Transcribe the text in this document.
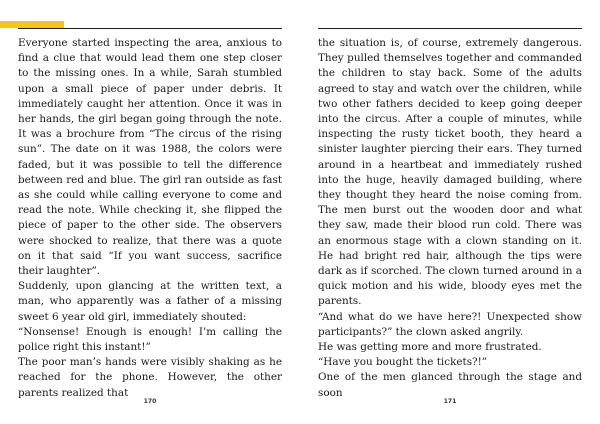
Everyone started inspecting the area, anxious to find a clue that would lead them one step closer to the missing ones. In a while, Sarah stumbled upon a small piece of paper under debris. It immediately caught her attention. Once it was in her hands, the girl began going through the note. It was a brochure from “The circus of the rising sun”. The date on it was 1988, the colors were faded, but it was possible to tell the difference between red and blue. The girl ran outside as fast as she could while calling everyone to come and read the note. While checking it, she flipped the piece of paper to the other side. The observers were shocked to realize, that there was a quote on it that said “If you want success, sacrifice their laughter”.

Suddenly, upon glancing at the written text, a man, who apparently was a father of a missing sweet 6 year old girl, immediately shouted:

“Nonsense! Enough is enough! I’m calling the police right this instant!”

The poor man’s hands were visibly shaking as he reached for the phone. However, the other parents realized that

170

the situation is, of course, extremely dangerous. They pulled themselves together and commanded the children to stay back. Some of the adults agreed to stay and watch over the children, while two other fathers decided to keep going deeper into the circus. After a couple of minutes, while inspecting the rusty ticket booth, they heard a sinister laughter piercing their ears. They turned around in a heartbeat and immediately rushed into the huge, heavily damaged building, where they thought they heard the noise coming from. The men burst out the wooden door and what they saw, made their blood run cold. There was an enormous stage with a clown standing on it. He had bright red hair, although the tips were dark as if scorched. The clown turned around in a quick motion and his wide, bloody eyes met the parents.

“And what do we have here?! Unexpected show participants?” the clown asked angrily.

He was getting more and more frustrated.

“Have you bought the tickets?!”

One of the men glanced through the stage and soon

171
